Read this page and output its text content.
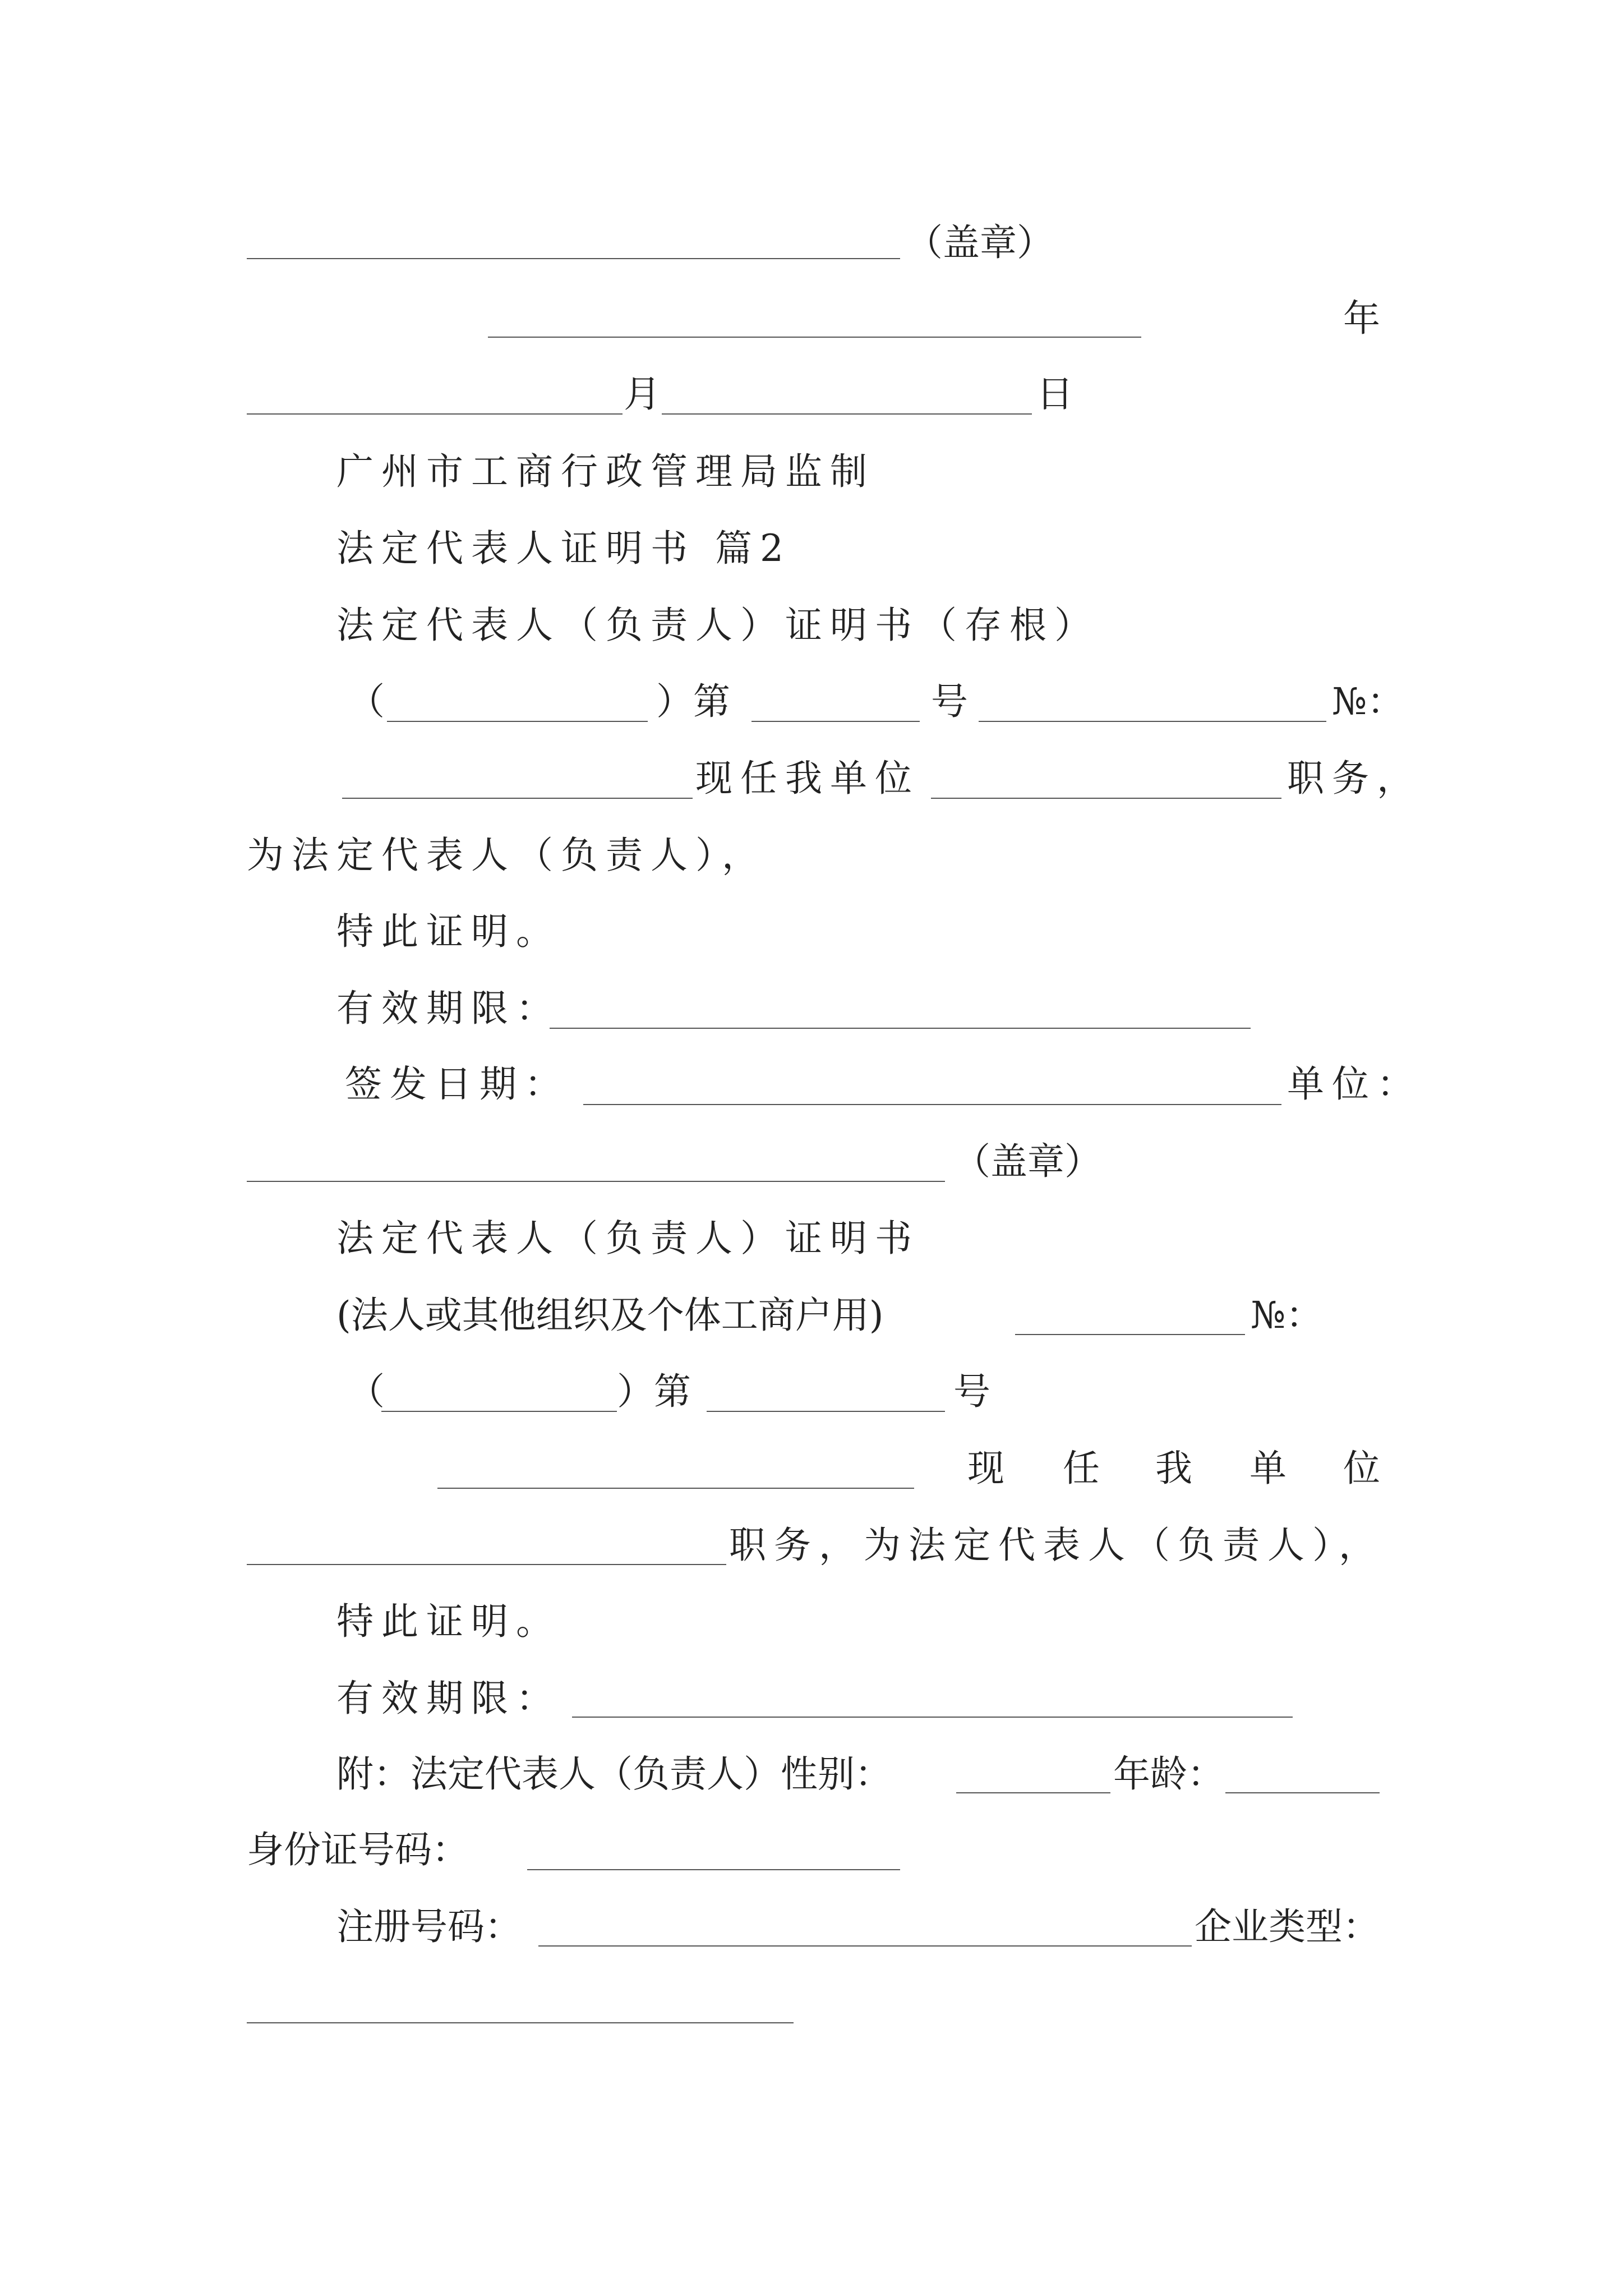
（盖章）
年
月	日
广州市工商行政管理局监制
法定代表人证明书 篇2
法定代表人（负责人）证明书（存根）
（	）第	号	№：
现任我单位	职务，
为法定代表人（负责人），
特此证明。
有效期限：
签发日期：	单位：
（盖章）
法定代表人（负责人）证明书
(法人或其他组织及个体工商户用)	№：
（	）第	号
现 任 我 单 位
职务，为法定代表人（负责人），
特此证明。
有效期限：
附：法定代表人（负责人）性别：	年龄：
身份证号码：
注册号码：	企业类型：
